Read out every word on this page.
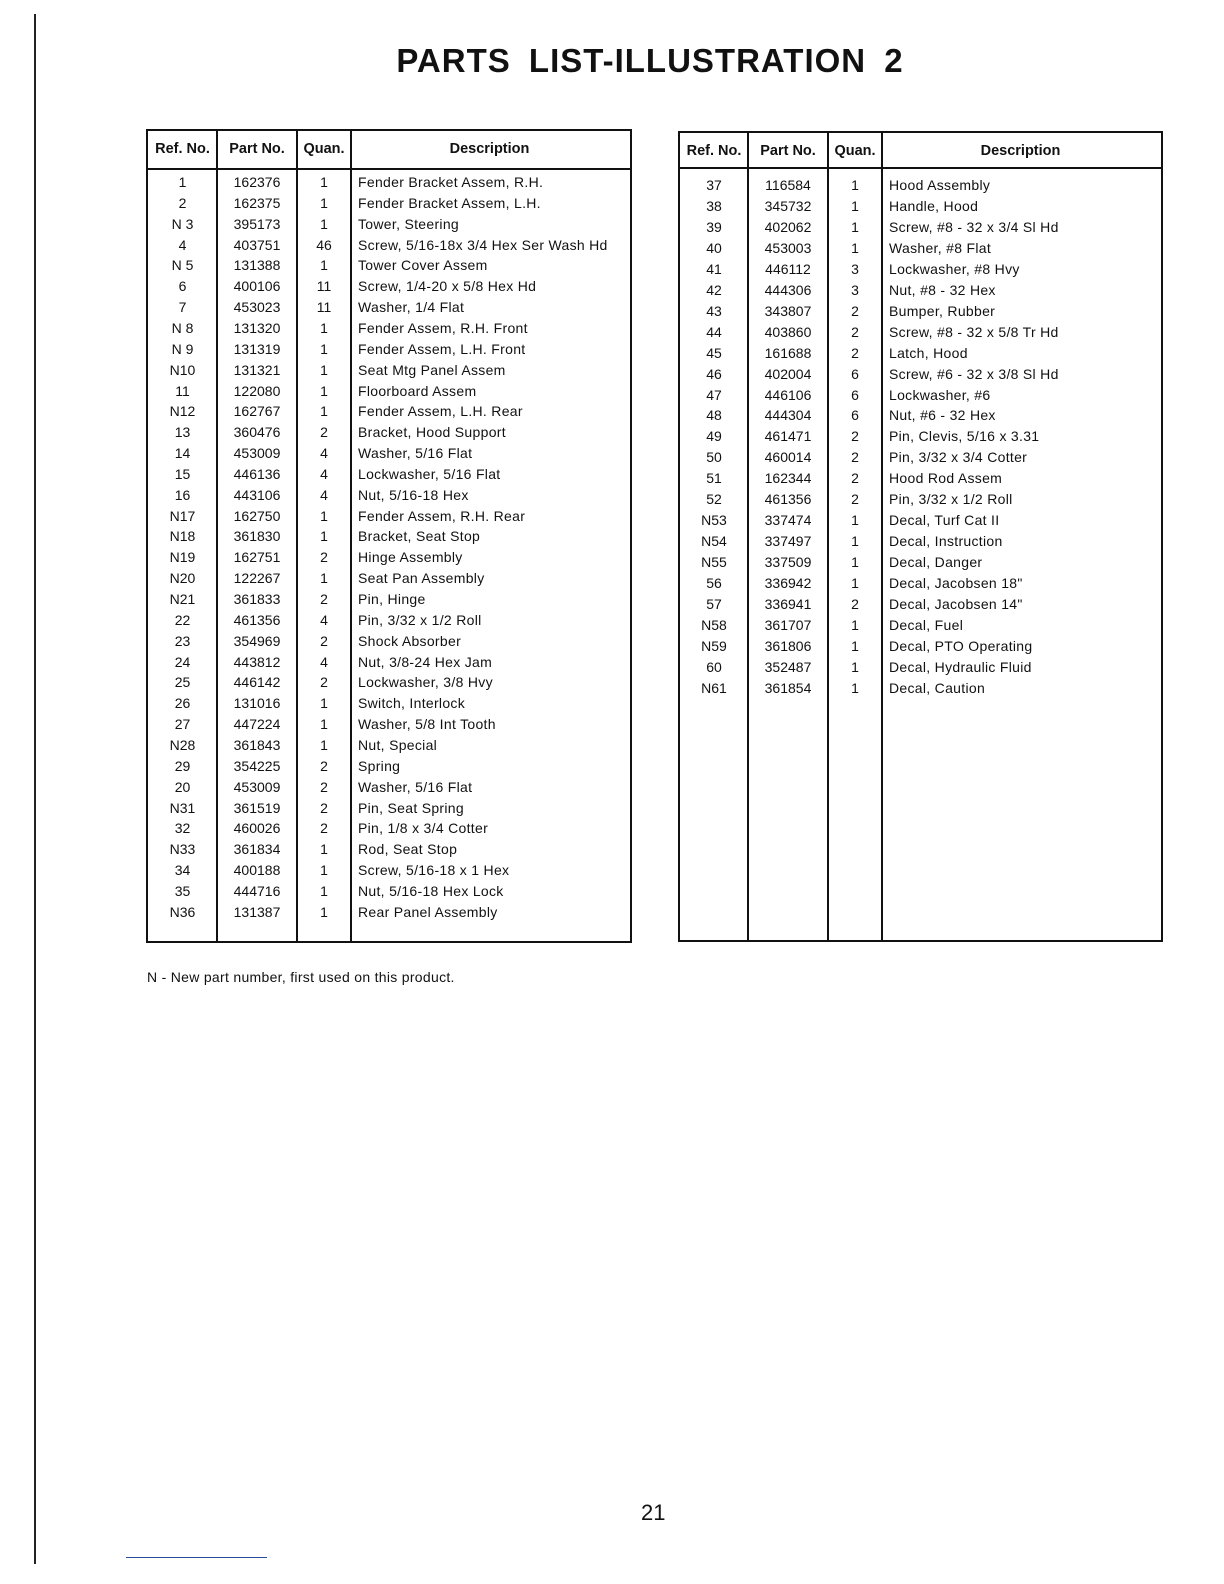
PARTS LIST-ILLUSTRATION 2
Ref. No.	Part No.	Quan.	Description
1	162376	1	Fender Bracket Assem, R.H.
2	162375	1	Fender Bracket Assem, L.H.
N 3	395173	1	Tower, Steering
4	403751	46	Screw, 5/16-18x 3/4 Hex Ser Wash Hd
N 5	131388	1	Tower Cover Assem
6	400106	11	Screw, 1/4-20 x 5/8 Hex Hd
7	453023	11	Washer, 1/4 Flat
N 8	131320	1	Fender Assem, R.H. Front
N 9	131319	1	Fender Assem, L.H. Front
N10	131321	1	Seat Mtg Panel Assem
11	122080	1	Floorboard Assem
N12	162767	1	Fender Assem, L.H. Rear
13	360476	2	Bracket, Hood Support
14	453009	4	Washer, 5/16 Flat
15	446136	4	Lockwasher, 5/16 Flat
16	443106	4	Nut, 5/16-18 Hex
N17	162750	1	Fender Assem, R.H. Rear
N18	361830	1	Bracket, Seat Stop
N19	162751	2	Hinge Assembly
N20	122267	1	Seat Pan Assembly
N21	361833	2	Pin, Hinge
22	461356	4	Pin, 3/32 x 1/2 Roll
23	354969	2	Shock Absorber
24	443812	4	Nut, 3/8-24 Hex Jam
25	446142	2	Lockwasher, 3/8 Hvy
26	131016	1	Switch, Interlock
27	447224	1	Washer, 5/8 Int Tooth
N28	361843	1	Nut, Special
29	354225	2	Spring
20	453009	2	Washer, 5/16 Flat
N31	361519	2	Pin, Seat Spring
32	460026	2	Pin, 1/8 x 3/4 Cotter
N33	361834	1	Rod, Seat Stop
34	400188	1	Screw, 5/16-18 x 1 Hex
35	444716	1	Nut, 5/16-18 Hex Lock
N36	131387	1	Rear Panel Assembly
Ref. No.	Part No.	Quan.	Description
37	116584	1	Hood Assembly
38	345732	1	Handle, Hood
39	402062	1	Screw, #8 - 32 x 3/4 Sl Hd
40	453003	1	Washer, #8 Flat
41	446112	3	Lockwasher, #8 Hvy
42	444306	3	Nut, #8 - 32 Hex
43	343807	2	Bumper, Rubber
44	403860	2	Screw, #8 - 32 x 5/8 Tr Hd
45	161688	2	Latch, Hood
46	402004	6	Screw, #6 - 32 x 3/8 Sl Hd
47	446106	6	Lockwasher, #6
48	444304	6	Nut, #6 - 32 Hex
49	461471	2	Pin, Clevis, 5/16 x 3.31
50	460014	2	Pin, 3/32 x 3/4 Cotter
51	162344	2	Hood Rod Assem
52	461356	2	Pin, 3/32 x 1/2 Roll
N53	337474	1	Decal, Turf Cat II
N54	337497	1	Decal, Instruction
N55	337509	1	Decal, Danger
56	336942	1	Decal, Jacobsen 18"
57	336941	2	Decal, Jacobsen 14"
N58	361707	1	Decal, Fuel
N59	361806	1	Decal, PTO Operating
60	352487	1	Decal, Hydraulic Fluid
N61	361854	1	Decal, Caution
N - New part number, first used on this product.
21
